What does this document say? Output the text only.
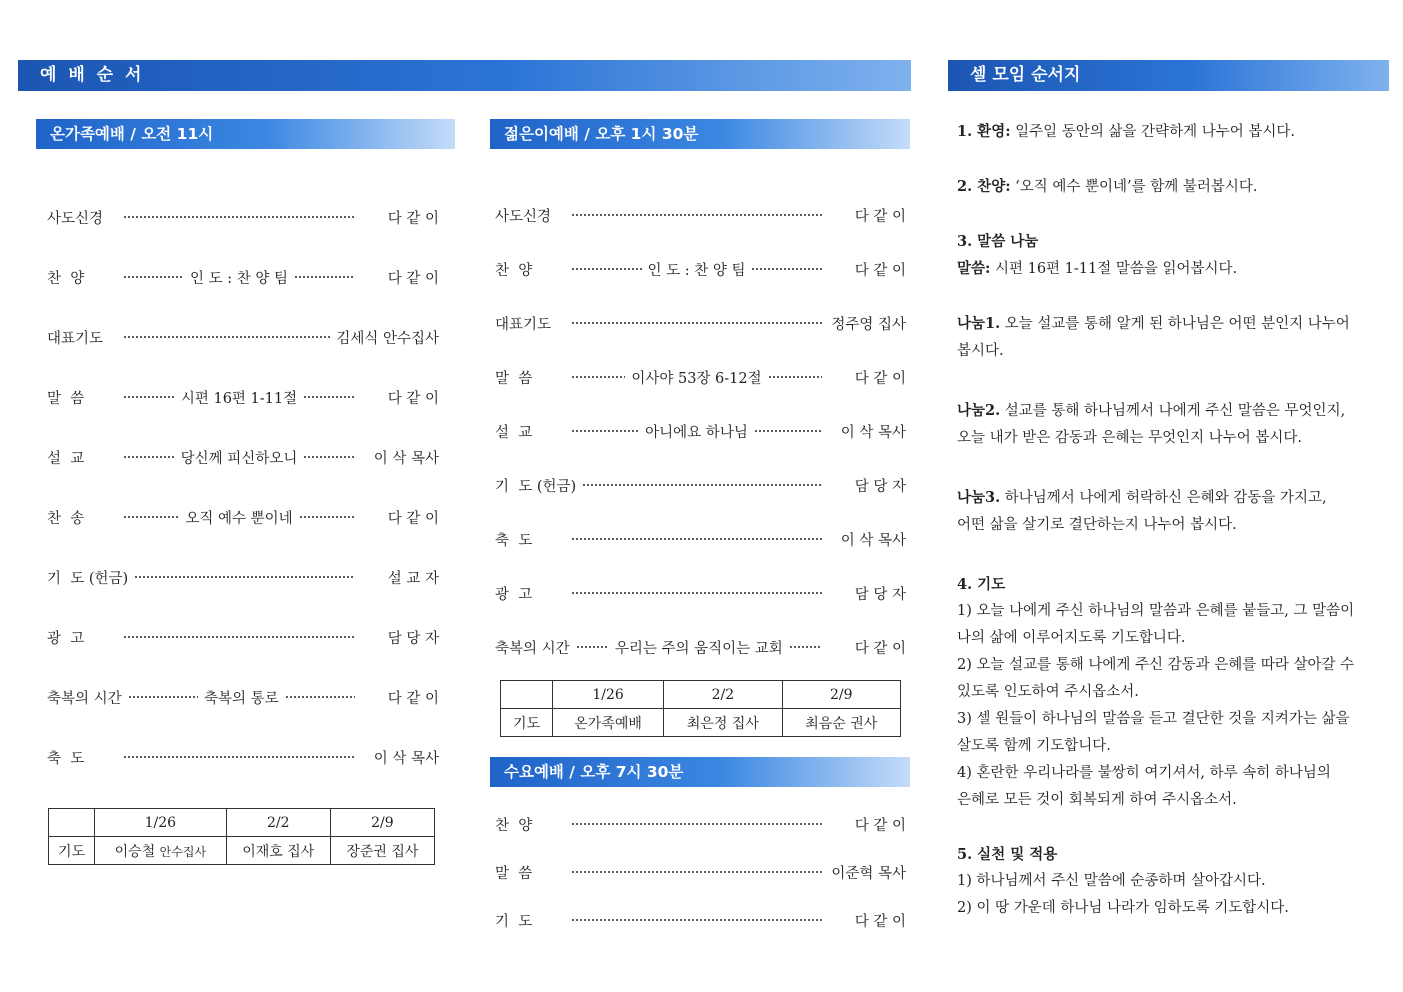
예 배 순 서	셀 모임 순서지
온가족예배 / 오전 11시
사도신경	다 같 이
찬  양	인 도 : 찬 양 팀	다 같 이
대표기도	김세식 안수집사
말  씀	시편 16편 1-11절	다 같 이
설  교	당신께 피신하오니	이 삭 목사
찬  송	오직 예수 뿐이네	다 같 이
기  도 (헌금)	설 교 자
광  고	담 당 자
축복의 시간	축복의 통로	다 같 이
축  도	이 삭 목사
	1/26	2/2	2/9
기도	이승철 안수집사	이재호 집사	장준권 집사
젊은이예배 / 오후 1시 30분
사도신경	다 같 이
찬  양	인 도 : 찬 양 팀	다 같 이
대표기도	정주영 집사
말  씀	이사야 53장 6-12절	다 같 이
설  교	아니에요 하나님	이 삭 목사
기  도 (헌금)	담 당 자
축  도	이 삭 목사
광  고	담 당 자
축복의 시간	우리는 주의 움직이는 교회	다 같 이
	1/26	2/2	2/9
기도	온가족예배	최은정 집사	최음순 권사
수요예배 / 오후 7시 30분
찬  양	다 같 이
말  씀	이준혁 목사
기  도	다 같 이

1. 환영: 일주일 동안의 삶을 간략하게 나누어 봅시다.

2. 찬양: ‘오직 예수 뿐이네’를 함께 불러봅시다.

3. 말씀 나눔

말씀: 시편 16편 1-11절 말씀을 읽어봅시다.

나눔1. 오늘 설교를 통해 알게 된 하나님은 어떤 분인지 나누어

봅시다.

나눔2. 설교를 통해 하나님께서 나에게 주신 말씀은 무엇인지,

오늘 내가 받은 감동과 은혜는 무엇인지 나누어 봅시다.

나눔3. 하나님께서 나에게 허락하신 은혜와 감동을 가지고,

어떤 삶을 살기로 결단하는지 나누어 봅시다.

4. 기도

1) 오늘 나에게 주신 하나님의 말씀과 은혜를 붙들고, 그 말씀이

나의 삶에 이루어지도록 기도합니다.

2) 오늘 설교를 통해 나에게 주신 감동과 은혜를 따라 살아갈 수

있도록 인도하여 주시옵소서.

3) 셀 원들이 하나님의 말씀을 듣고 결단한 것을 지켜가는 삶을

살도록 함께 기도합니다.

4) 혼란한 우리나라를 불쌍히 여기셔서, 하루 속히 하나님의

은혜로 모든 것이 회복되게 하여 주시옵소서.

5. 실천 및 적용

1) 하나님께서 주신 말씀에 순종하며 살아갑시다.

2) 이 땅 가운데 하나님 나라가 임하도록 기도합시다.
